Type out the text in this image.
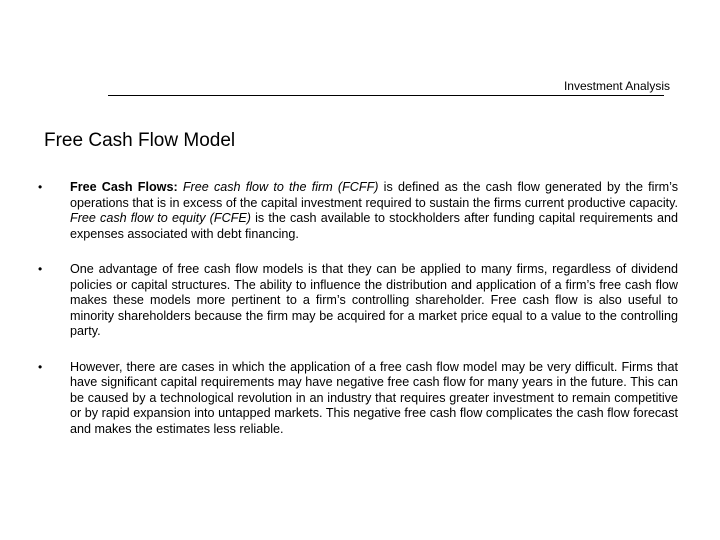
Investment Analysis
Free Cash Flow Model
•	Free Cash Flows: Free cash flow to the firm (FCFF) is defined as the cash flow generated by the firm’s operations that is in excess of the capital investment required to sustain the firms current productive capacity. Free cash flow to equity (FCFE) is the cash available to stockholders after funding capital requirements and expenses associated with debt financing.
•	One advantage of free cash flow models is that they can be applied to many firms, regardless of dividend policies or capital structures. The ability to influence the distribution and application of a firm’s free cash flow makes these models more pertinent to a firm’s controlling shareholder. Free cash flow is also useful to minority shareholders because the firm may be acquired for a market price equal to a value to the controlling party.
•	However, there are cases in which the application of a free cash flow model may be very difficult. Firms that have significant capital requirements may have negative free cash flow for many years in the future. This can be caused by a technological revolution in an industry that requires greater investment to remain competitive or by rapid expansion into untapped markets. This negative free cash flow complicates the cash flow forecast and makes the estimates less reliable.
